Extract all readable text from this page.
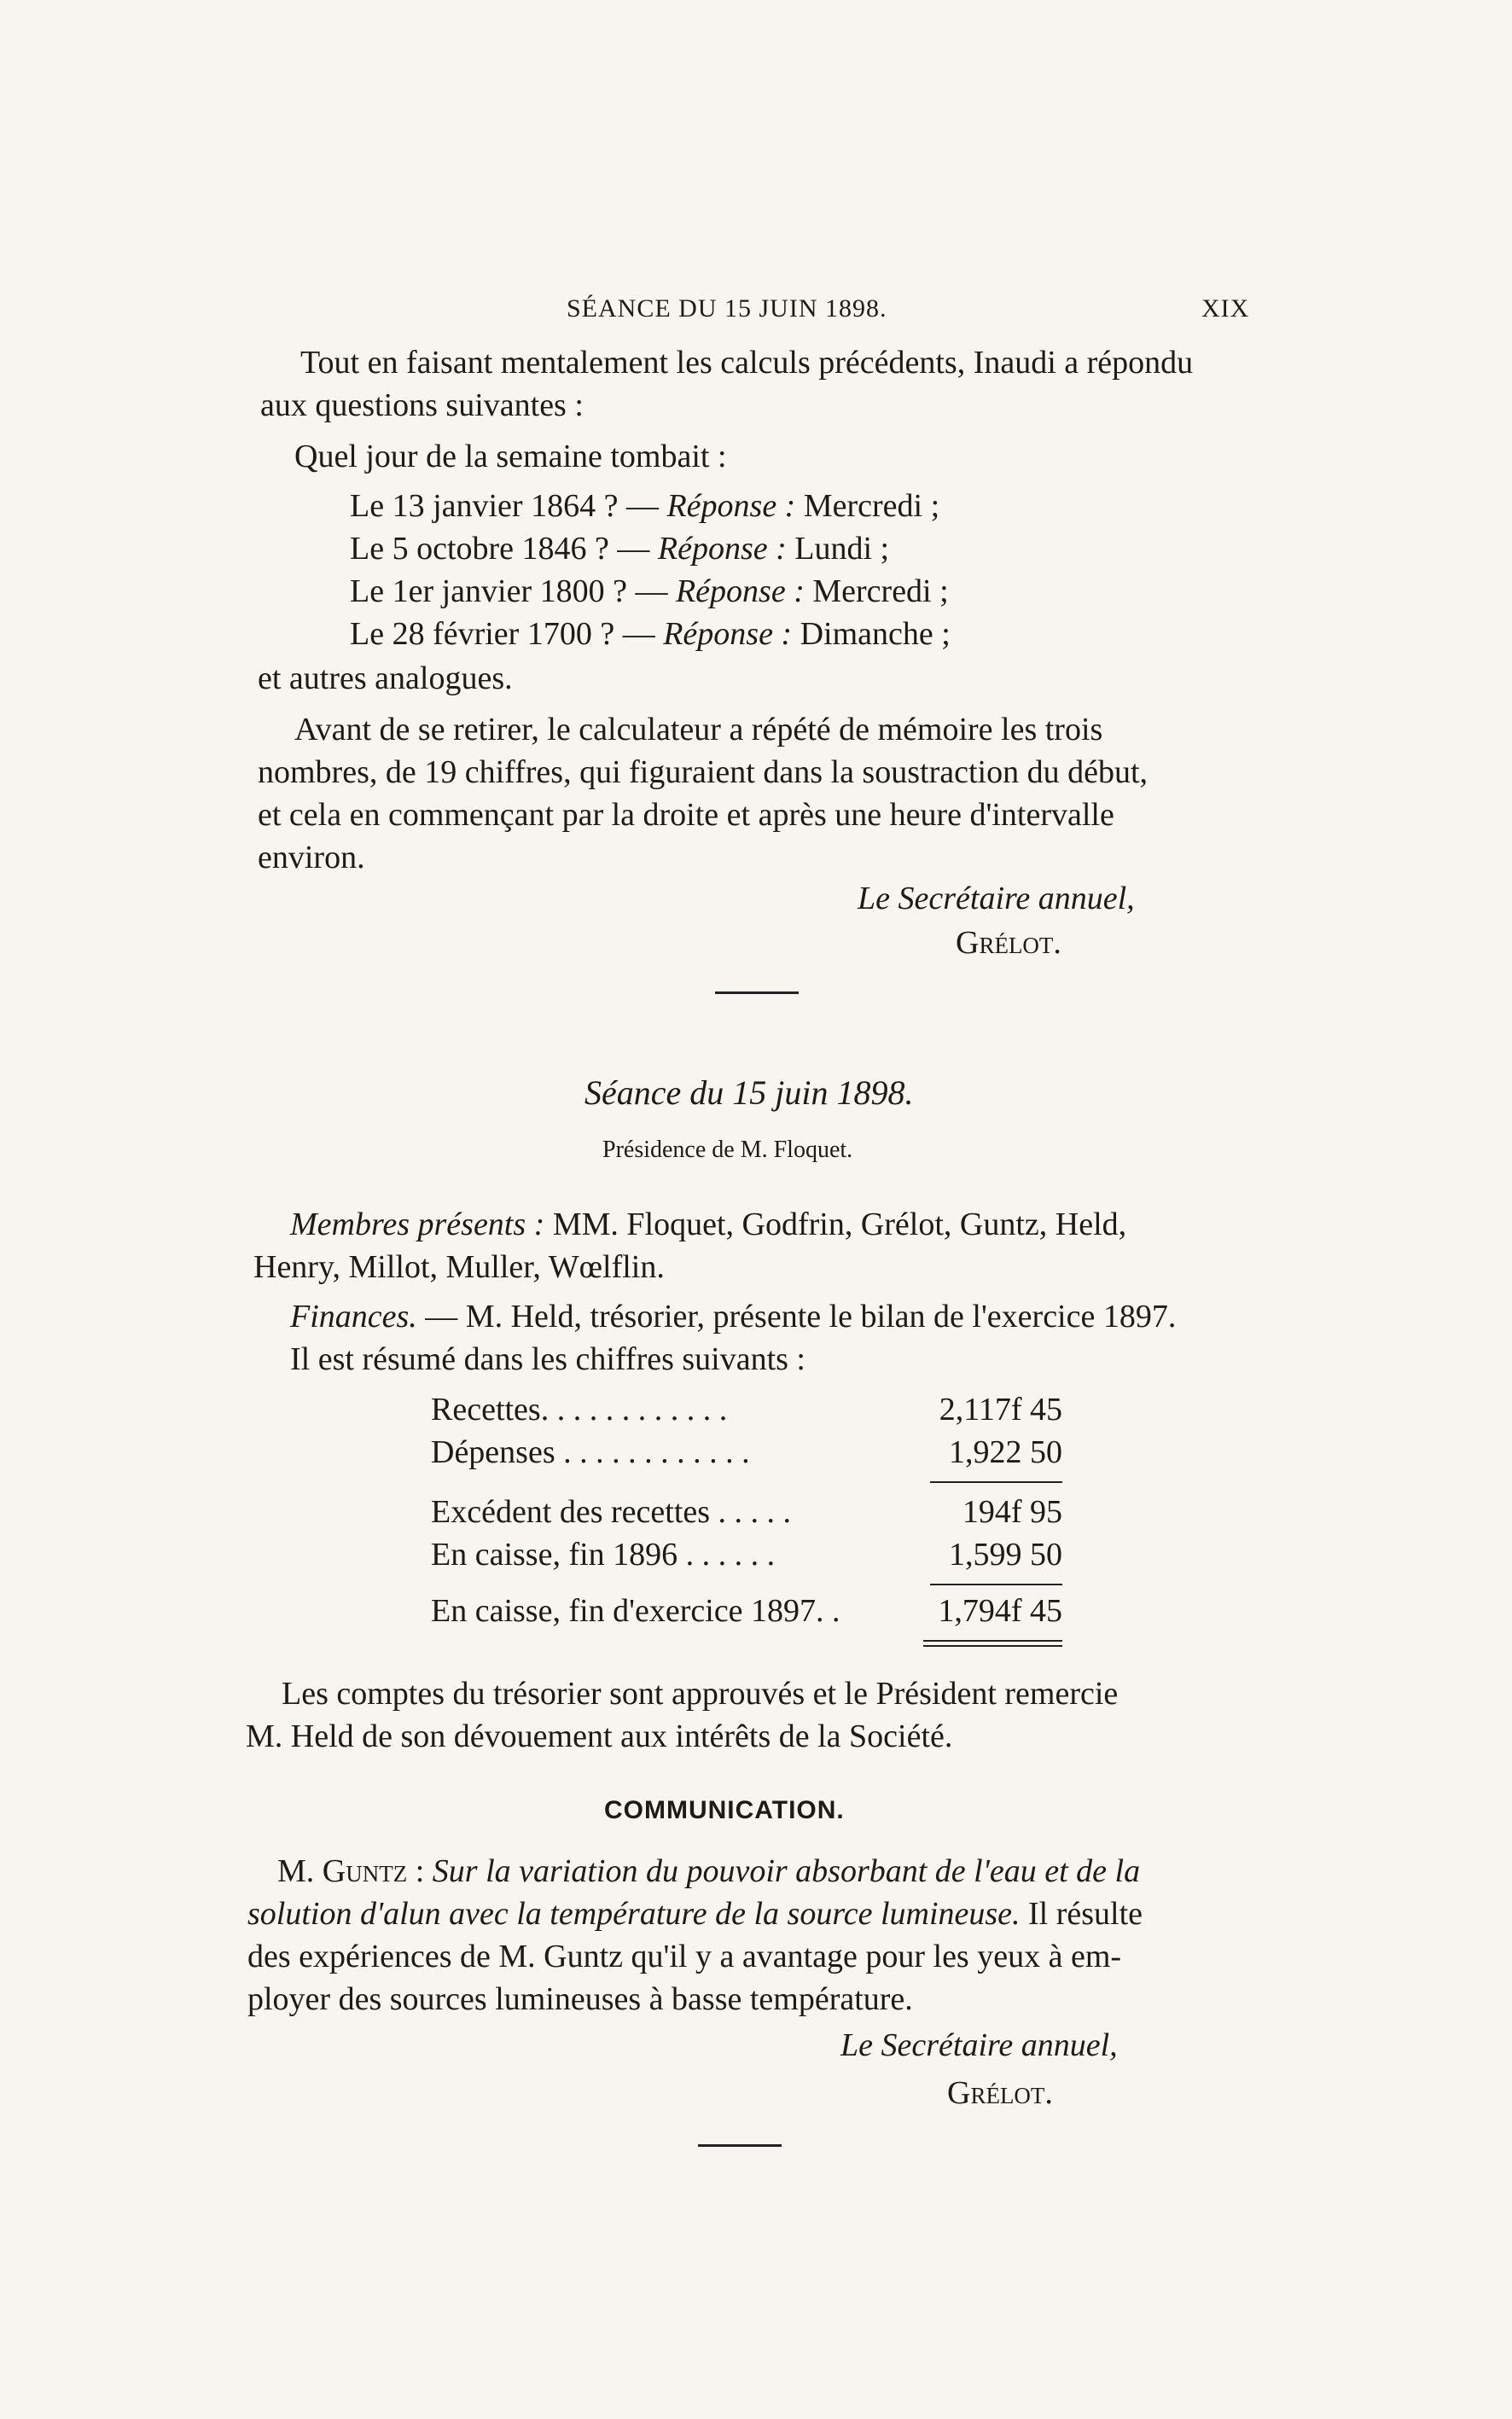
SÉANCE DU 15 JUIN 1898.	XIX
Tout en faisant mentalement les calculs précédents, Inaudi a répondu
aux questions suivantes :
Quel jour de la semaine tombait :
Le 13 janvier 1864 ? — Réponse : Mercredi ;
Le 5 octobre 1846 ? — Réponse : Lundi ;
Le 1er janvier 1800 ? — Réponse : Mercredi ;
Le 28 février 1700 ? — Réponse : Dimanche ;
et autres analogues.
Avant de se retirer, le calculateur a répété de mémoire les trois
nombres, de 19 chiffres, qui figuraient dans la soustraction du début,
et cela en commençant par la droite et après une heure d'intervalle
environ.
Le Secrétaire annuel,
Grélot.
Séance du 15 juin 1898.
Présidence de M. Floquet.
Membres présents : MM. Floquet, Godfrin, Grélot, Guntz, Held,
Henry, Millot, Muller, Wœlflin.
Finances. — M. Held, trésorier, présente le bilan de l'exercice 1897.
Il est résumé dans les chiffres suivants :
Recettes. . . . . . . . . . . .	2,117f 45
Dépenses . . . . . . . . . . . .	1,922 50
Excédent des recettes . . . . .	194f 95
En caisse, fin 1896 . . . . . .	1,599 50
En caisse, fin d'exercice 1897. .	1,794f 45
Les comptes du trésorier sont approuvés et le Président remercie
M. Held de son dévouement aux intérêts de la Société.
COMMUNICATION.
M. Guntz : Sur la variation du pouvoir absorbant de l'eau et de la
solution d'alun avec la température de la source lumineuse. Il résulte
des expériences de M. Guntz qu'il y a avantage pour les yeux à em-
ployer des sources lumineuses à basse température.
Le Secrétaire annuel,
Grélot.
